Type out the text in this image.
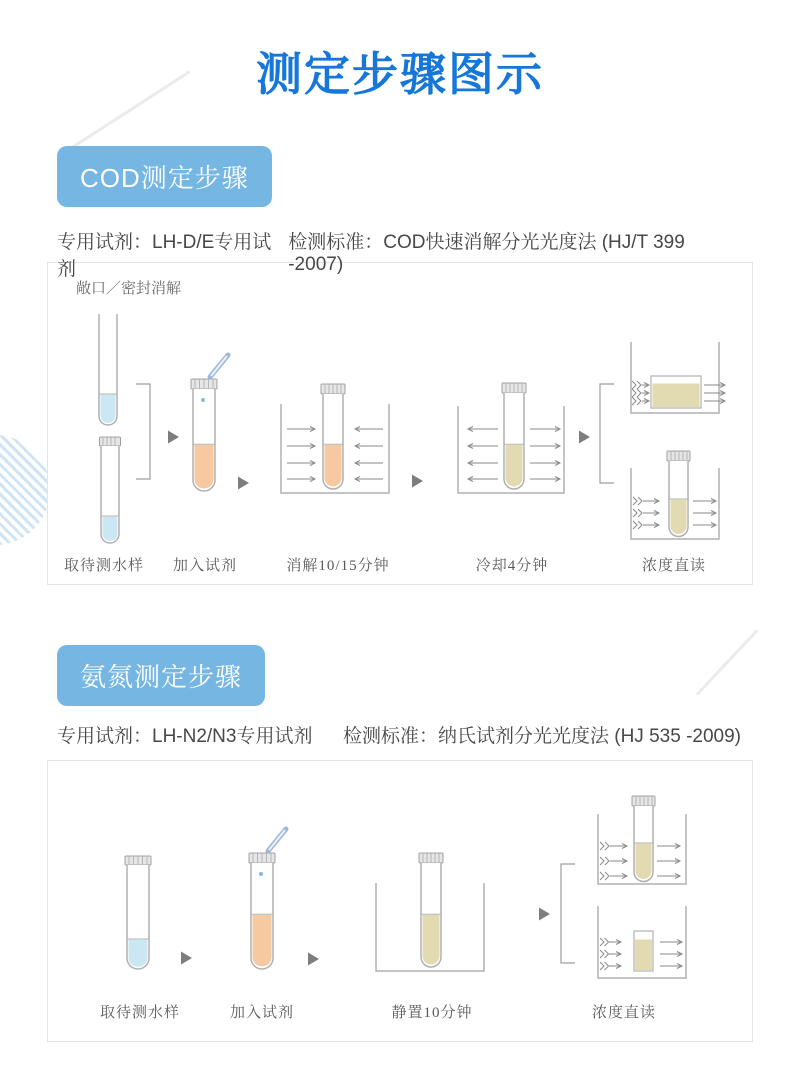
测定步骤图示
COD测定步骤
专用试剂：LH-D/E专用试剂
检测标准：COD快速消解分光光度法 (HJ/T 399 -2007)
敞口／密封消解
取待测水样 加入试剂	消解10/15分钟	冷却4分钟	浓度直读
氨氮测定步骤
专用试剂：LH-N2/N3专用试剂 检测标准：纳氏试剂分光光度法 (HJ 535 -2009)
取待测水样	加入试剂	静置10分钟	浓度直读
